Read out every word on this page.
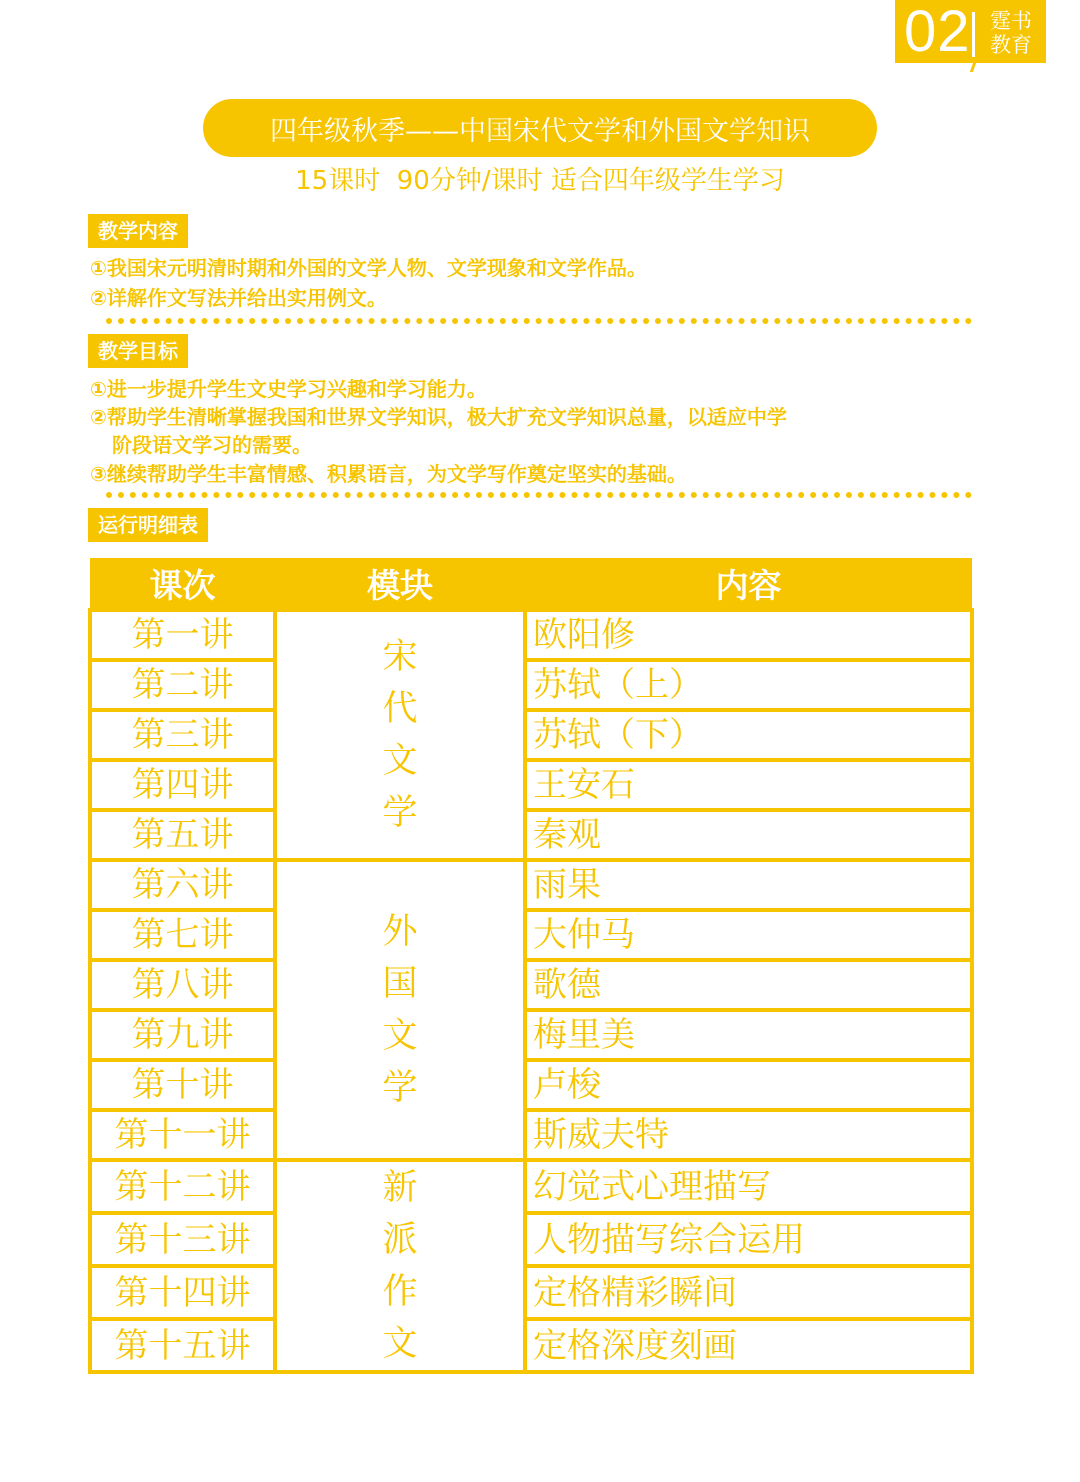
02 霆书教育
四年级秋季——中国宋代文学和外国文学知识
15课时  90分钟/课时 适合四年级学生学习
教学内容
①我国宋元明清时期和外国的文学人物、文学现象和文学作品。
②详解作文写法并给出实用例文。
教学目标
①进一步提升学生文史学习兴趣和学习能力。
②帮助学生清晰掌握我国和世界文学知识，极大扩充文学知识总量，以适应中学
阶段语文学习的需要。
③继续帮助学生丰富情感、积累语言，为文学写作奠定坚实的基础。
运行明细表
课次	模块	内容
第一讲	宋代文学	欧阳修
第二讲		苏轼（上）
第三讲		苏轼（下）
第四讲		王安石
第五讲		秦观
第六讲	外国文学	雨果
第七讲		大仲马
第八讲		歌德
第九讲		梅里美
第十讲		卢梭
第十一讲		斯威夫特
第十二讲	新派作文	幻觉式心理描写
第十三讲		人物描写综合运用
第十四讲		定格精彩瞬间
第十五讲		定格深度刻画
